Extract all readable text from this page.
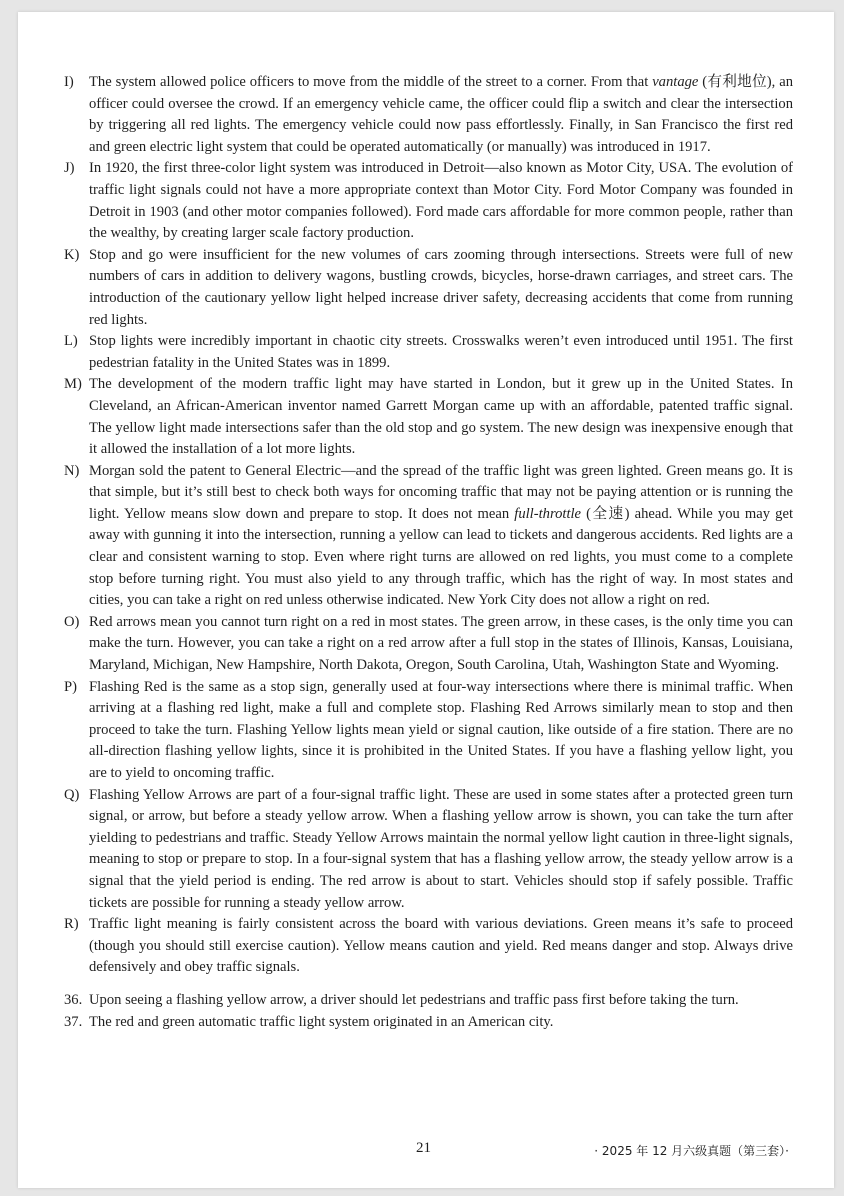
I)	The system allowed police officers to move from the middle of the street to a corner. From that vantage (有利地位), an officer could oversee the crowd. If an emergency vehicle came, the officer could flip a switch and clear the intersection by triggering all red lights. The emergency vehicle could now pass effortlessly. Finally, in San Francisco the first red and green electric light system that could be operated automatically (or manually) was introduced in 1917.
J) In 1920, the first three-color light system was introduced in Detroit—also known as Motor City, USA. The evolution of traffic light signals could not have a more appropriate context than Motor City. Ford Motor Company was founded in Detroit in 1903 (and other motor companies followed). Ford made cars affordable for more common people, rather than the wealthy, by creating larger scale factory production.
K) Stop and go were insufficient for the new volumes of cars zooming through intersections. Streets were full of new numbers of cars in addition to delivery wagons, bustling crowds, bicycles, horse-drawn carriages, and street cars. The introduction of the cautionary yellow light helped increase driver safety, decreasing accidents that come from running red lights.
L) Stop lights were incredibly important in chaotic city streets. Crosswalks weren’t even introduced until 1951. The first pedestrian fatality in the United States was in 1899.
M) The development of the modern traffic light may have started in London, but it grew up in the United States. In Cleveland, an African-American inventor named Garrett Morgan came up with an affordable, patented traffic signal. The yellow light made intersections safer than the old stop and go system. The new design was inexpensive enough that it allowed the installation of a lot more lights.
N) Morgan sold the patent to General Electric—and the spread of the traffic light was green lighted. Green means go. It is that simple, but it’s still best to check both ways for oncoming traffic that may not be paying attention or is running the light. Yellow means slow down and prepare to stop. It does not mean full-throttle (全速) ahead. While you may get away with gunning it into the intersection, running a yellow can lead to tickets and dangerous accidents. Red lights are a clear and consistent warning to stop. Even where right turns are allowed on red lights, you must come to a complete stop before turning right. You must also yield to any through traffic, which has the right of way. In most states and cities, you can take a right on red unless otherwise indicated. New York City does not allow a right on red.
O) Red arrows mean you cannot turn right on a red in most states. The green arrow, in these cases, is the only time you can make the turn. However, you can take a right on a red arrow after a full stop in the states of Illinois, Kansas, Louisiana, Maryland, Michigan, New Hampshire, North Dakota, Oregon, South Carolina, Utah, Washington State and Wyoming.
P) Flashing Red is the same as a stop sign, generally used at four-way intersections where there is minimal traffic. When arriving at a flashing red light, make a full and complete stop. Flashing Red Arrows similarly mean to stop and then proceed to take the turn. Flashing Yellow lights mean yield or signal caution, like outside of a fire station. There are no all-direction flashing yellow lights, since it is prohibited in the United States. If you have a flashing yellow light, you are to yield to oncoming traffic.
Q) Flashing Yellow Arrows are part of a four-signal traffic light. These are used in some states after a protected green turn signal, or arrow, but before a steady yellow arrow. When a flashing yellow arrow is shown, you can take the turn after yielding to pedestrians and traffic. Steady Yellow Arrows maintain the normal yellow light caution in three-light signals, meaning to stop or prepare to stop. In a four-signal system that has a flashing yellow arrow, the steady yellow arrow is a signal that the yield period is ending. The red arrow is about to start. Vehicles should stop if safely possible. Traffic tickets are possible for running a steady yellow arrow.
R) Traffic light meaning is fairly consistent across the board with various deviations. Green means it’s safe to proceed (though you should still exercise caution). Yellow means caution and yield. Red means danger and stop. Always drive defensively and obey traffic signals.
36. Upon seeing a flashing yellow arrow, a driver should let pedestrians and traffic pass first before taking the turn.
37. The red and green automatic traffic light system originated in an American city.
21	· 2025 年 12 月六级真题（第三套）·
